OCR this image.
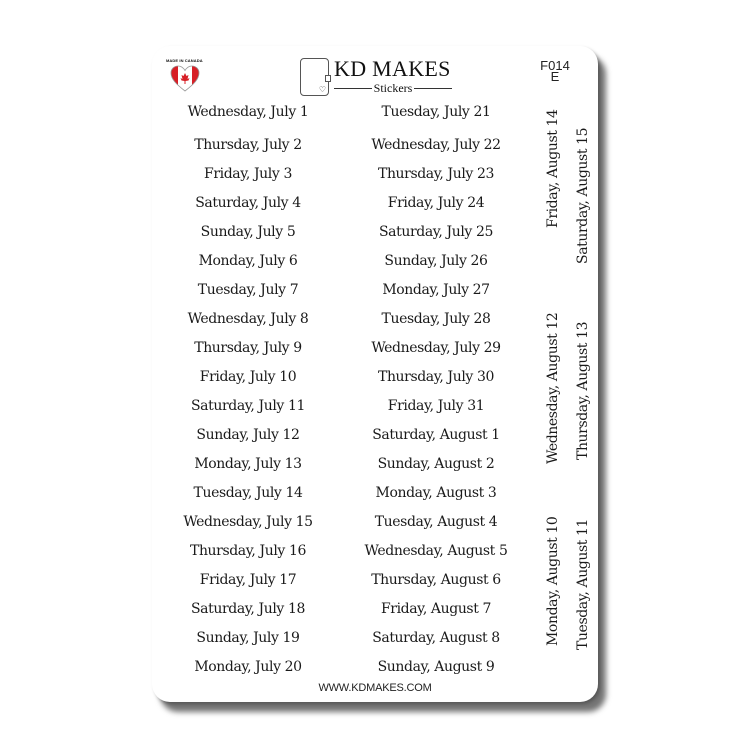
MADE IN CANADA
♡
KD MAKES
Stickers
F014
E
Wednesday, July 1
Thursday, July 2
Friday, July 3
Saturday, July 4
Sunday, July 5
Monday, July 6
Tuesday, July 7
Wednesday, July 8
Thursday, July 9
Friday, July 10
Saturday, July 11
Sunday, July 12
Monday, July 13
Tuesday, July 14
Wednesday, July 15
Thursday, July 16
Friday, July 17
Saturday, July 18
Sunday, July 19
Monday, July 20
Tuesday, July 21
Wednesday, July 22
Thursday, July 23
Friday, July 24
Saturday, July 25
Sunday, July 26
Monday, July 27
Tuesday, July 28
Wednesday, July 29
Thursday, July 30
Friday, July 31
Saturday, August 1
Sunday, August 2
Monday, August 3
Tuesday, August 4
Wednesday, August 5
Thursday, August 6
Friday, August 7
Saturday, August 8
Sunday, August 9
Friday, August 14 Saturday, August 15
Wednesday, August 12 Thursday, August 13
Monday, August 10 Tuesday, August 11
WWW.KDMAKES.COM
